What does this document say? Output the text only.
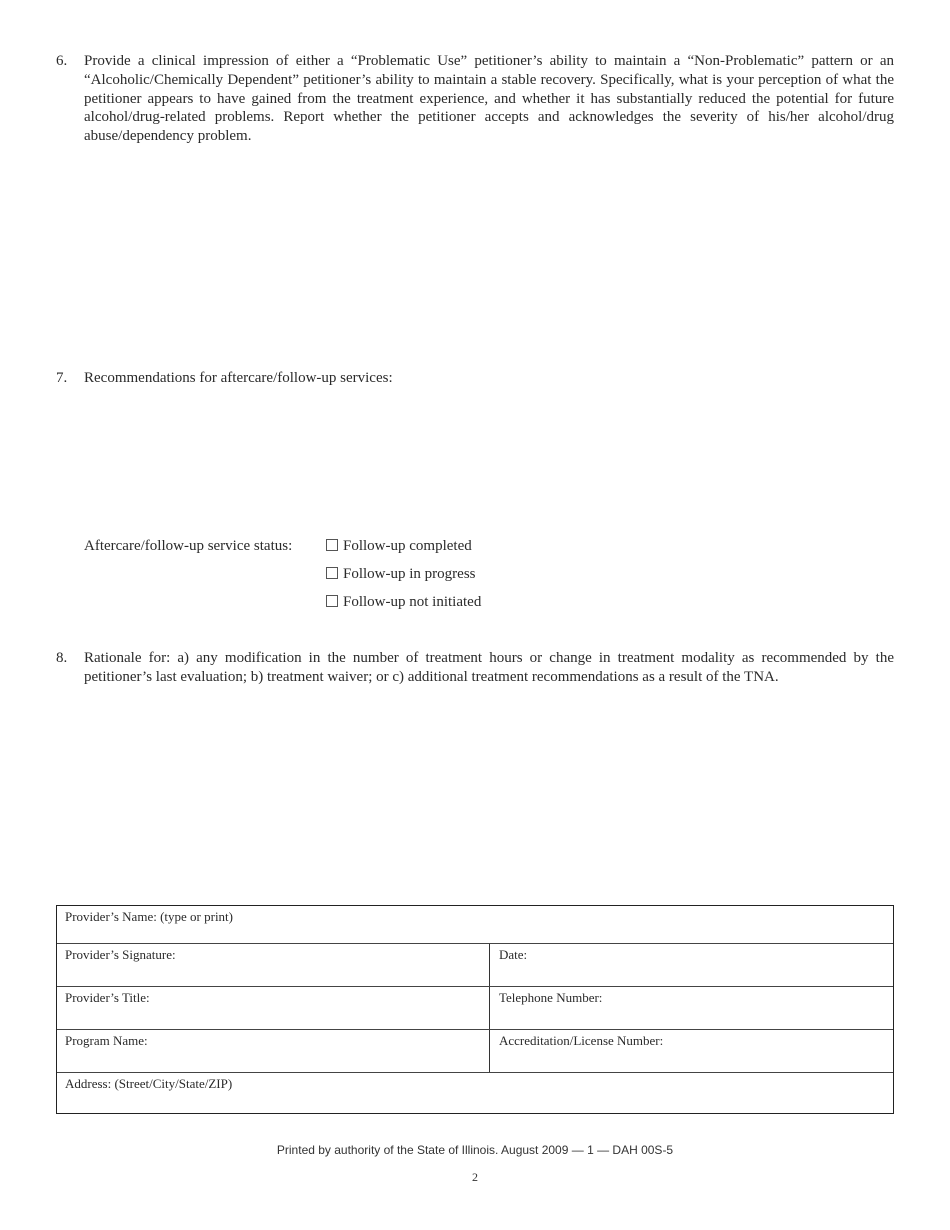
6. Provide a clinical impression of either a “Problematic Use” petitioner’s ability to maintain a “Non-Problematic” pattern or an “Alcoholic/Chemically Dependent” petitioner’s ability to maintain a stable recovery. Specifically, what is your perception of what the petitioner appears to have gained from the treatment experience, and whether it has substantially reduced the potential for future alcohol/drug-related problems. Report whether the petitioner accepts and acknowledges the severity of his/her alcohol/drug abuse/dependency problem.
7. Recommendations for aftercare/follow-up services:
Aftercare/follow-up service status:	Follow-up completed
Follow-up in progress
Follow-up not initiated
8. Rationale for: a) any modification in the number of treatment hours or change in treatment modality as recommended by the petitioner’s last evaluation; b) treatment waiver; or c) additional treatment recommendations as a result of the TNA.
Provider’s Name: (type or print)
Provider’s Signature:	Date:
Provider’s Title:	Telephone Number:
Program Name:	Accreditation/License Number:
Address: (Street/City/State/ZIP)
Printed by authority of the State of Illinois. August 2009 — 1 — DAH 00S-5
2
